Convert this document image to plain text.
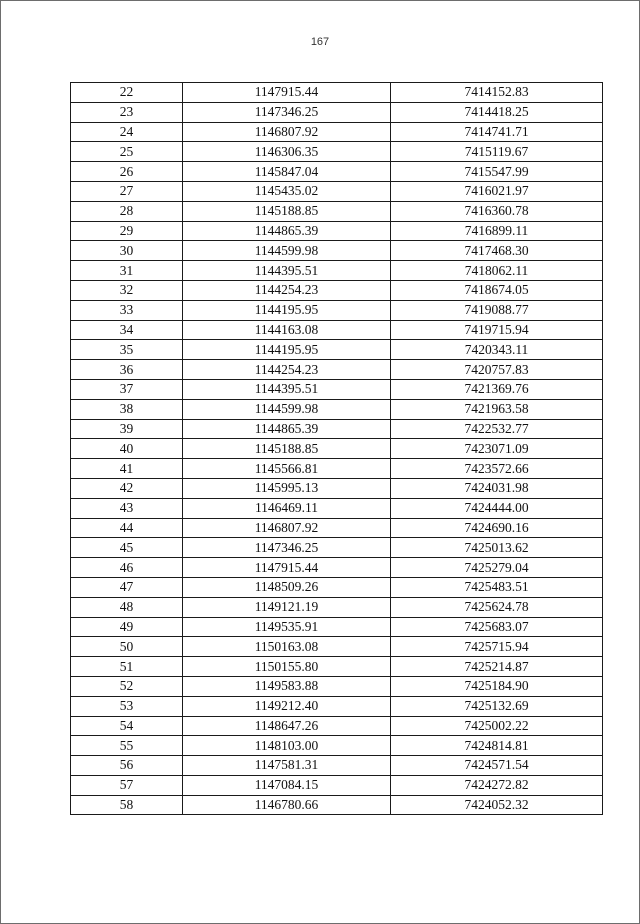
167
22	1147915.44	7414152.83
23	1147346.25	7414418.25
24	1146807.92	7414741.71
25	1146306.35	7415119.67
26	1145847.04	7415547.99
27	1145435.02	7416021.97
28	1145188.85	7416360.78
29	1144865.39	7416899.11
30	1144599.98	7417468.30
31	1144395.51	7418062.11
32	1144254.23	7418674.05
33	1144195.95	7419088.77
34	1144163.08	7419715.94
35	1144195.95	7420343.11
36	1144254.23	7420757.83
37	1144395.51	7421369.76
38	1144599.98	7421963.58
39	1144865.39	7422532.77
40	1145188.85	7423071.09
41	1145566.81	7423572.66
42	1145995.13	7424031.98
43	1146469.11	7424444.00
44	1146807.92	7424690.16
45	1147346.25	7425013.62
46	1147915.44	7425279.04
47	1148509.26	7425483.51
48	1149121.19	7425624.78
49	1149535.91	7425683.07
50	1150163.08	7425715.94
51	1150155.80	7425214.87
52	1149583.88	7425184.90
53	1149212.40	7425132.69
54	1148647.26	7425002.22
55	1148103.00	7424814.81
56	1147581.31	7424571.54
57	1147084.15	7424272.82
58	1146780.66	7424052.32
